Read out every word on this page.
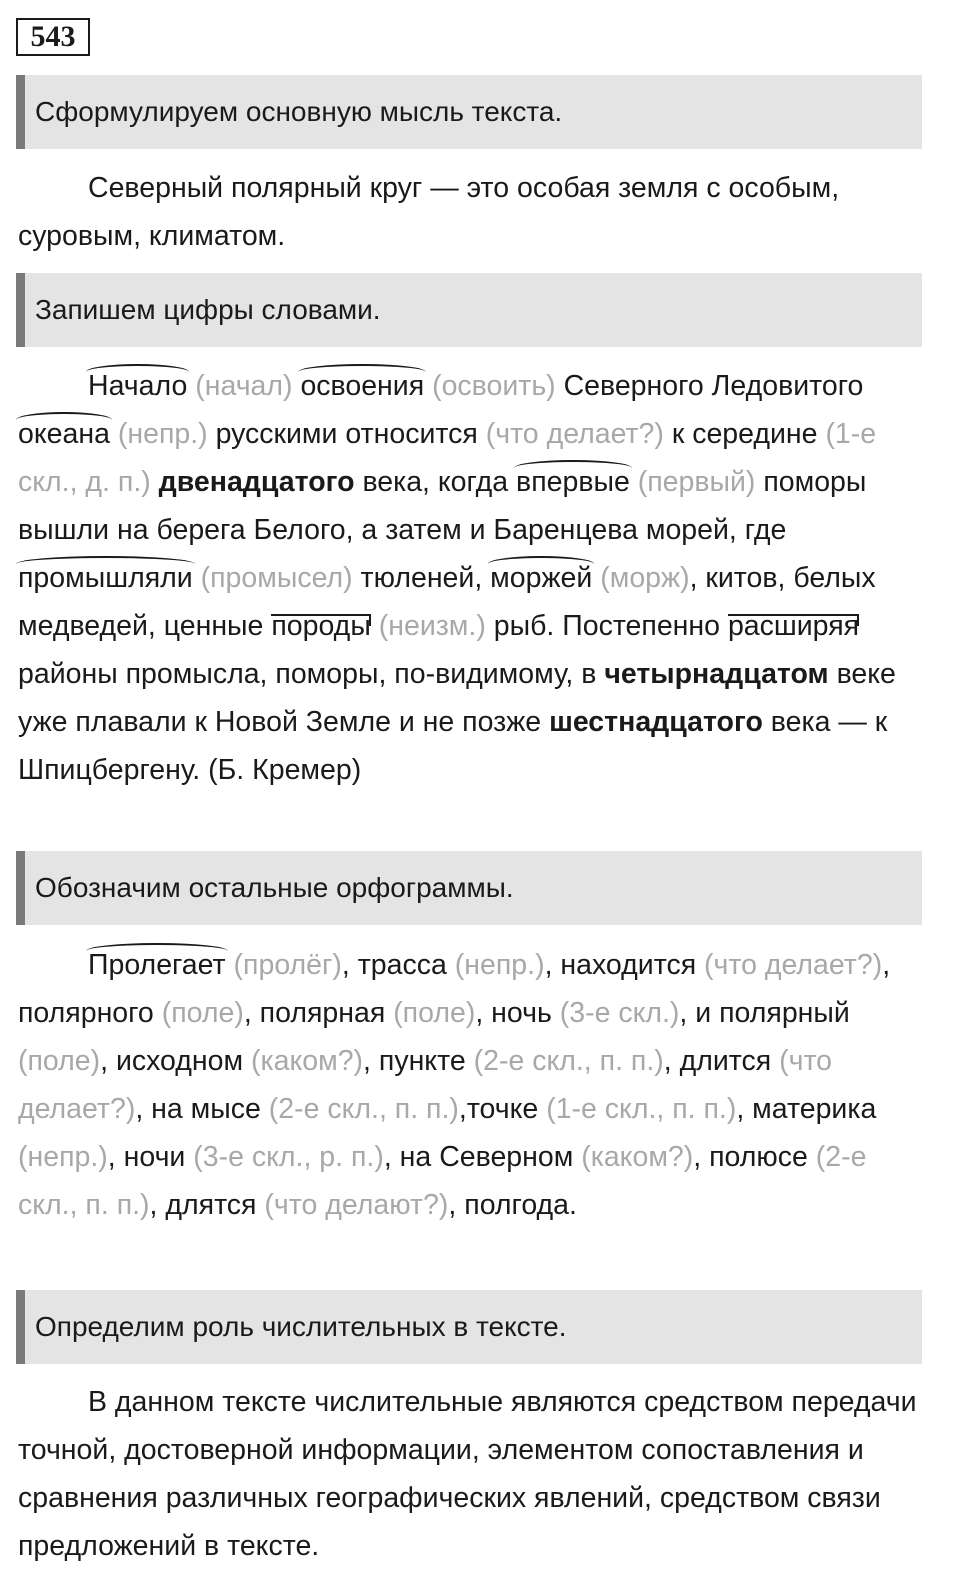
543
Сформулируем основную мысль текста.

Северный полярный круг — это особая земля с особым, суровым, климатом.

Запишем цифры словами.

Начало (начал) освоения (освоить) Северного Ледовитого океана (непр.) русскими относится (что делает?) к середине (1-е скл., д. п.) двенадцатого века, когда впервые (первый) поморы вышли на берега Белого, а затем и Баренцева морей, где промышляли (промысел) тюленей, моржей (морж), китов, белых медведей, ценные породы (неизм.) рыб. Постепенно расширяя районы промысла, поморы, по-видимому, в четырнадцатом веке уже плавали к Новой Земле и не позже шестнадцатого века — к Шпицбергену. (Б. Кремер)

Обозначим остальные орфограммы.

Пролегает (пролёг), трасса (непр.), находится (что делает?), полярного (поле), полярная (поле), ночь (3-е скл.), и полярный (поле), исходном (каком?), пункте (2-е скл., п. п.), длится (что делает?), на мысе (2-е скл., п. п.),точке (1-е скл., п. п.), материка (непр.), ночи (3-е скл., р. п.), на Северном (каком?), полюсе (2-е скл., п. п.), длятся (что делают?), полгода.

Определим роль числительных в тексте.

В данном тексте числительные являются средством передачи точной, достоверной информации, элементом сопоставления и сравнения различных географических явлений, средством связи предложений в тексте.
